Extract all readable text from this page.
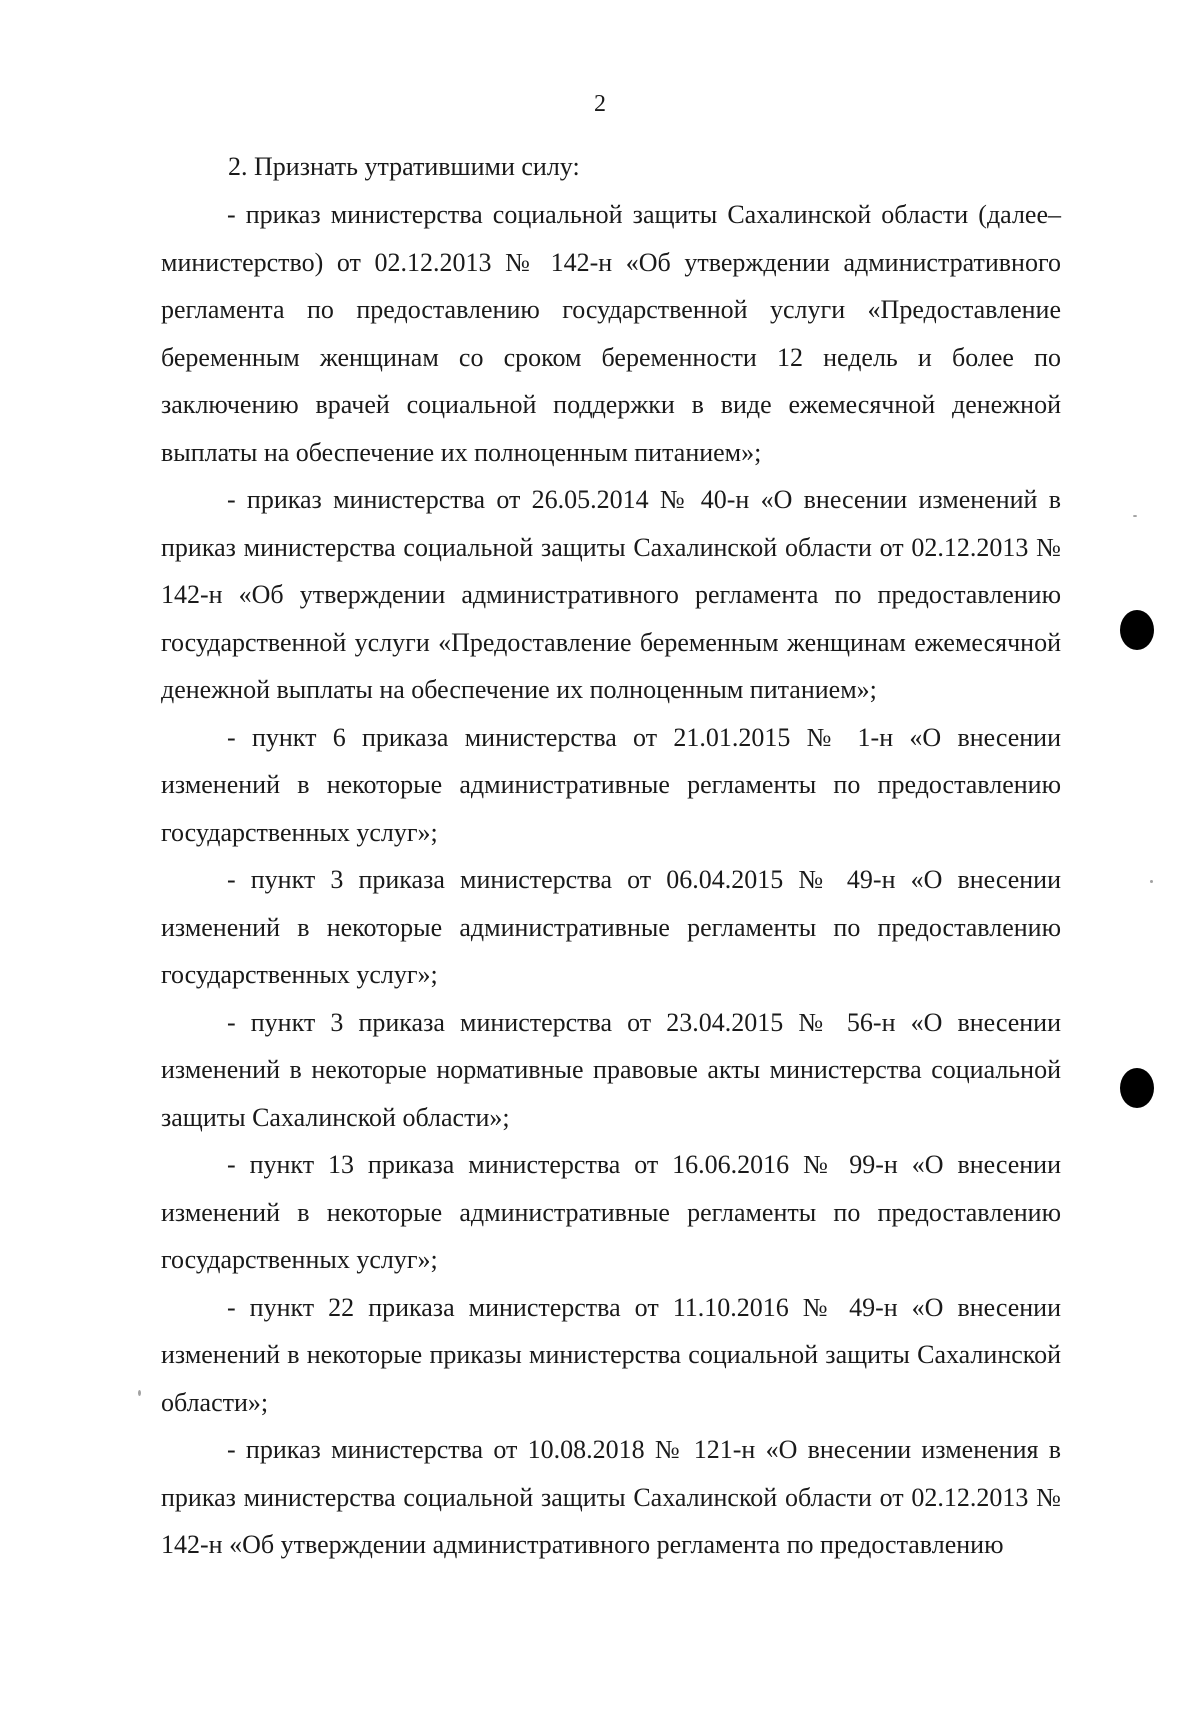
2

2. Признать утратившими силу:

- приказ министерства социальной защиты Сахалинской области (далее– министерство) от 02.12.2013 № 142-н «Об утверждении административного регламента по предоставлению государственной услуги «Предоставление беременным женщинам со сроком беременности 12 недель и более по заключению врачей социальной поддержки в виде ежемесячной денежной выплаты на обеспечение их полноценным питанием»;

- приказ министерства от 26.05.2014 № 40-н «О внесении изменений в приказ министерства социальной защиты Сахалинской области от 02.12.2013 № 142-н «Об утверждении административного регламента по предоставлению государственной услуги «Предоставление беременным женщинам ежемесячной денежной выплаты на обеспечение их полноценным питанием»;

- пункт 6 приказа министерства от 21.01.2015 № 1-н «О внесении изменений в некоторые административные регламенты по предоставлению государственных услуг»;

- пункт 3 приказа министерства от 06.04.2015 № 49-н «О внесении изменений в некоторые административные регламенты по предоставлению государственных услуг»;

- пункт 3 приказа министерства от 23.04.2015 № 56-н «О внесении изменений в некоторые нормативные правовые акты министерства социальной защиты Сахалинской области»;

- пункт 13 приказа министерства от 16.06.2016 № 99-н «О внесении изменений в некоторые административные регламенты по предоставлению государственных услуг»;

- пункт 22 приказа министерства от 11.10.2016 № 49-н «О внесении изменений в некоторые приказы министерства социальной защиты Сахалинской области»;

- приказ министерства от 10.08.2018 № 121-н «О внесении изменения в приказ министерства социальной защиты Сахалинской области от 02.12.2013 № 142-н «Об утверждении административного регламента по предоставлению
